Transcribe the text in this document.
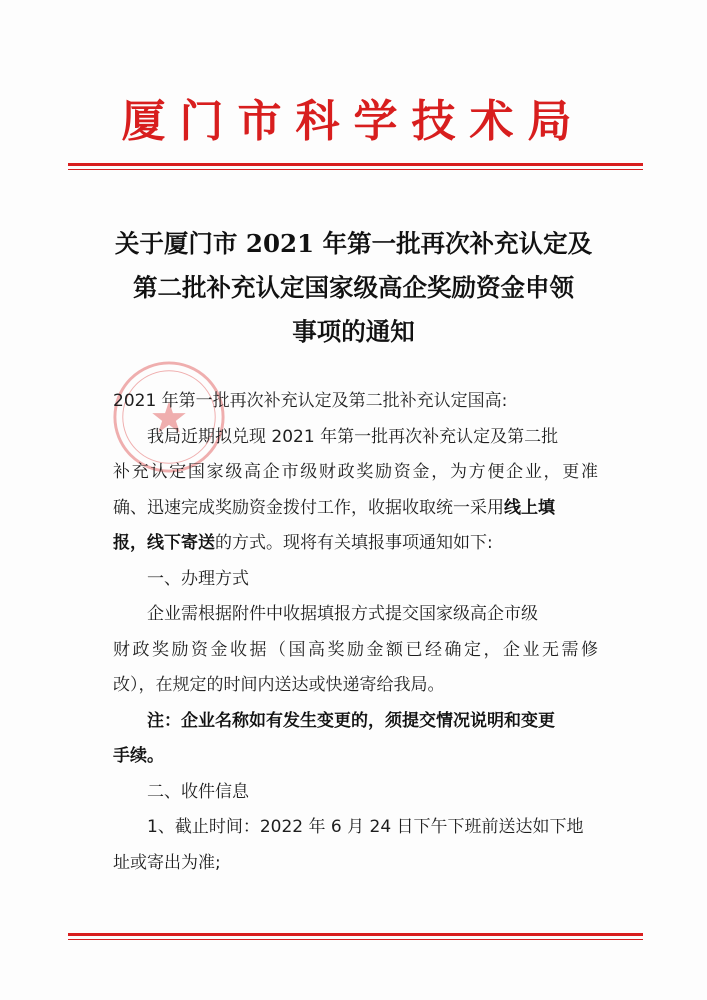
厦门市科学技术局
关于厦门市 2021 年第一批再次补充认定及
第二批补充认定国家级高企奖励资金申领
事项的通知
2021 年第一批再次补充认定及第二批补充认定国高:
我局近期拟兑现 2021 年第一批再次补充认定及第二批
补充认定国家级高企市级财政奖励资金，为方便企业，更准
确、迅速完成奖励资金拨付工作，收据收取统一采用线上填
报，线下寄送的方式。现将有关填报事项通知如下:
一、办理方式
企业需根据附件中收据填报方式提交国家级高企市级
财政奖励资金收据（国高奖励金额已经确定，企业无需修
改），在规定的时间内送达或快递寄给我局。
注：企业名称如有发生变更的，须提交情况说明和变更
手续。
二、收件信息
1、截止时间：2022 年 6 月 24 日下午下班前送达如下地
址或寄出为准;
